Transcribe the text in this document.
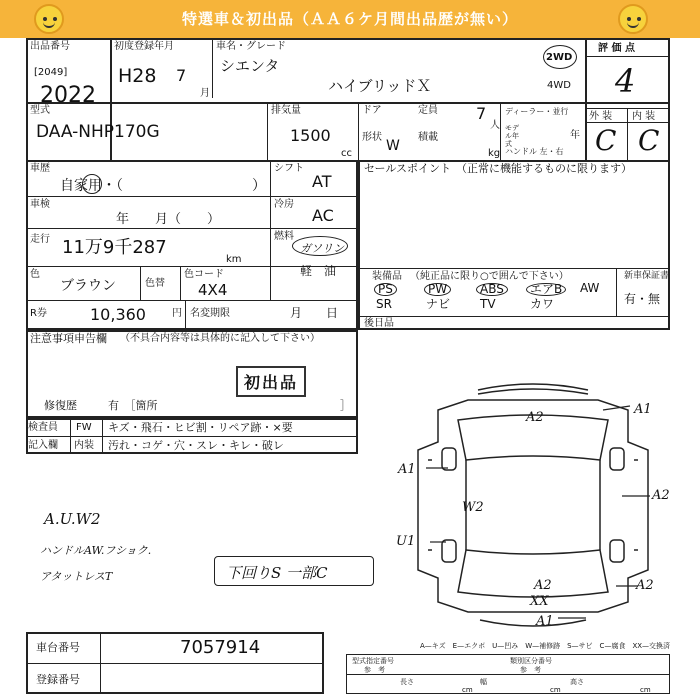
特選車＆初出品（ＡＡ６ケ月間出品歴が無い）
出品番号
[2049]
2022
初度登録年月
H28 7
月
車名・グレード
シエンタ
ハイブリッドＸ
2WD
4WD
評 価 点
4
外 装 内 装
C C
型式
DAA-NHP170G
排気量
1500
cc
ドア
形状
W
定員 7
人
積載
kg
ディーラー・並行
モデル年式
年
ハンドル 左・右
車歴
自家用・（	）
シフト
AT
車検
年　　月（　　）
冷房
AC
走行 11万9千287
km
燃料
ガソリン
軽　油
色
ブラウン	色替
色コード
4X4
R券	10,360	円 名変期限	月　　日
注意事項申告欄 （不具合内容等は具体的に記入して下さい）
初出品
修復歴	有　［箇所	］
セールスポイント （正常に機能するものに限ります）
装備品 （純正品に限り○で囲んで下さい）	新車保証書
有・無
PS	PW	ABS	エアB	AW
SR	ナビ TV	カワ
後日品
検査員
記入欄
FW キズ・飛石・ヒビ割・リペア跡・×要
内装 汚れ・コゲ・穴・スレ・キレ・破レ
A.U.W2
ハンドルAW.フショク.
アタットレスT	下回りS 一部C
A2
A1
A1
W2
U1
A2
A2
A2
XX
A1
A—キズ　E—エクボ　U—凹み　W—補修跡　S—サビ　C—腐食　XX—交換済
車台番号	7057914
登録番号
型式指定番号	類別区分番号
参　考	参　考
長さ	幅	高さ
cm	cm	cm
